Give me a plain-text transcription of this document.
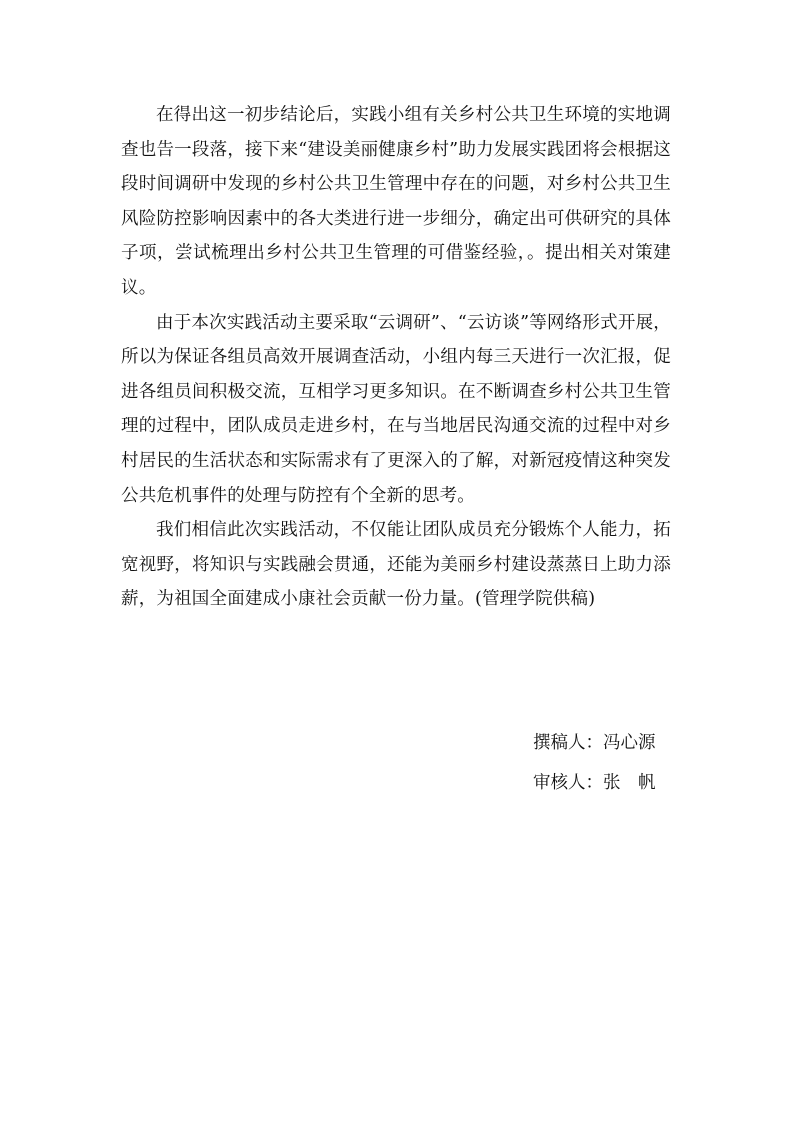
在得出这一初步结论后，实践小组有关乡村公共卫生环境的实地调查也告一段落，接下来“建设美丽健康乡村”助力发展实践团将会根据这段时间调研中发现的乡村公共卫生管理中存在的问题，对乡村公共卫生风险防控影响因素中的各大类进行进一步细分，确定出可供研究的具体子项，尝试梳理出乡村公共卫生管理的可借鉴经验，。提出相关对策建议。

由于本次实践活动主要采取“云调研”、“云访谈”等网络形式开展，所以为保证各组员高效开展调查活动，小组内每三天进行一次汇报，促进各组员间积极交流，互相学习更多知识。在不断调查乡村公共卫生管理的过程中，团队成员走进乡村，在与当地居民沟通交流的过程中对乡村居民的生活状态和实际需求有了更深入的了解，对新冠疫情这种突发公共危机事件的处理与防控有个全新的思考。

我们相信此次实践活动，不仅能让团队成员充分锻炼个人能力，拓宽视野，将知识与实践融会贯通，还能为美丽乡村建设蒸蒸日上助力添薪，为祖国全面建成小康社会贡献一份力量。(管理学院供稿)

撰稿人：冯心源
审核人：张　帆
